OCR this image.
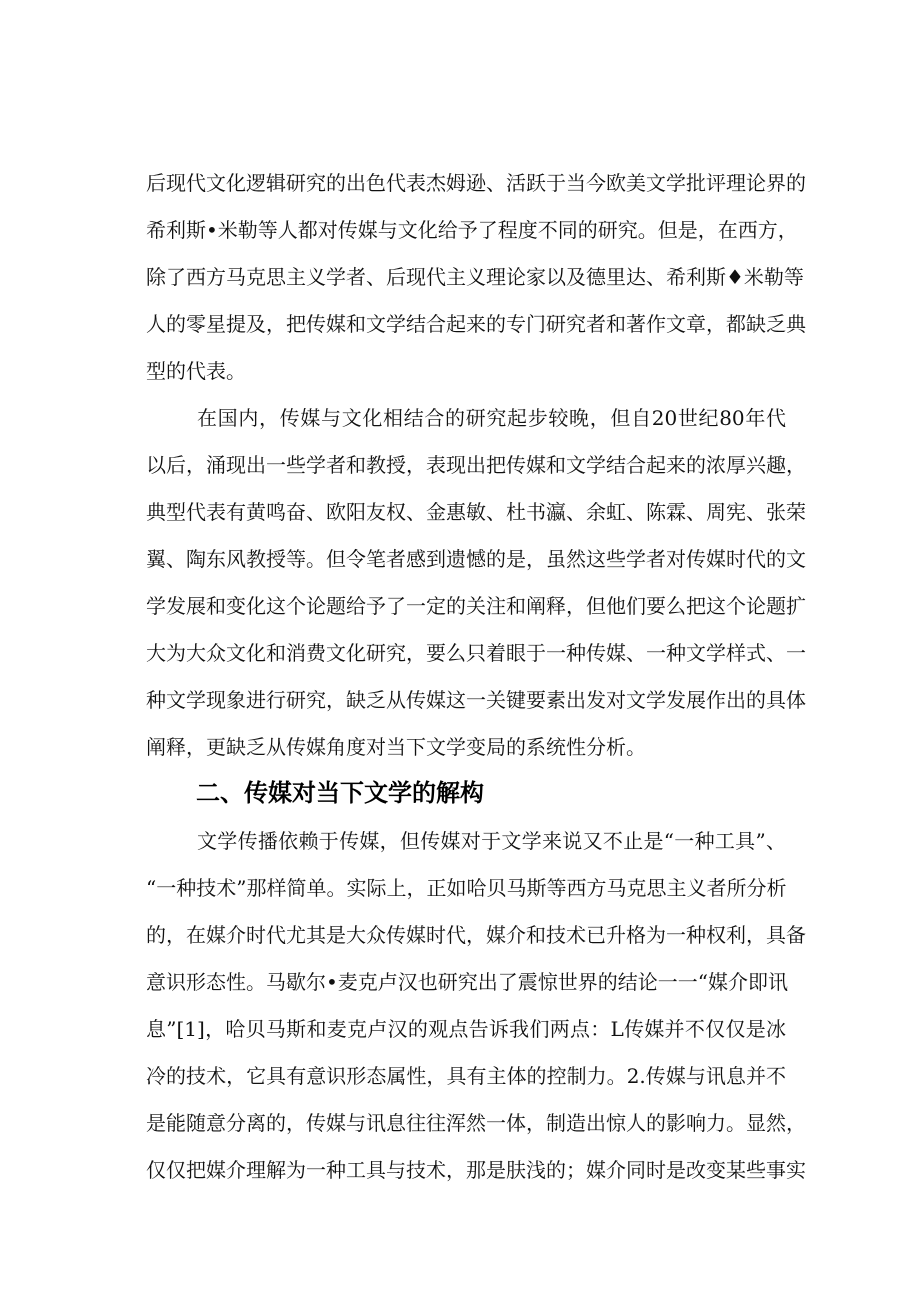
后现代文化逻辑研究的出色代表杰姆逊、活跃于当今欧美文学批评理论界的
希利斯•米勒等人都对传媒与文化给予了程度不同的研究。但是，在西方，
除了西方马克思主义学者、后现代主义理论家以及德里达、希利斯♦米勒等
人的零星提及，把传媒和文学结合起来的专门研究者和著作文章，都缺乏典
型的代表。
在国内，传媒与文化相结合的研究起步较晚，但自20世纪80年代
以后，涌现出一些学者和教授，表现出把传媒和文学结合起来的浓厚兴趣，
典型代表有黄鸣奋、欧阳友权、金惠敏、杜书瀛、余虹、陈霖、周宪、张荣
翼、陶东风教授等。但令笔者感到遗憾的是，虽然这些学者对传媒时代的文
学发展和变化这个论题给予了一定的关注和阐释，但他们要么把这个论题扩
大为大众文化和消费文化研究，要么只着眼于一种传媒、一种文学样式、一
种文学现象进行研究，缺乏从传媒这一关键要素出发对文学发展作出的具体
阐释，更缺乏从传媒角度对当下文学变局的系统性分析。
二、传媒对当下文学的解构
文学传播依赖于传媒，但传媒对于文学来说又不止是“一种工具”、
“一种技术”那样简单。实际上，正如哈贝马斯等西方马克思主义者所分析
的，在媒介时代尤其是大众传媒时代，媒介和技术已升格为一种权利，具备
意识形态性。马歇尔•麦克卢汉也研究出了震惊世界的结论一一“媒介即讯
息”[1]，哈贝马斯和麦克卢汉的观点告诉我们两点：L传媒并不仅仅是冰
冷的技术，它具有意识形态属性，具有主体的控制力。2.传媒与讯息并不
是能随意分离的，传媒与讯息往往浑然一体，制造出惊人的影响力。显然，
仅仅把媒介理解为一种工具与技术，那是肤浅的；媒介同时是改变某些事实
